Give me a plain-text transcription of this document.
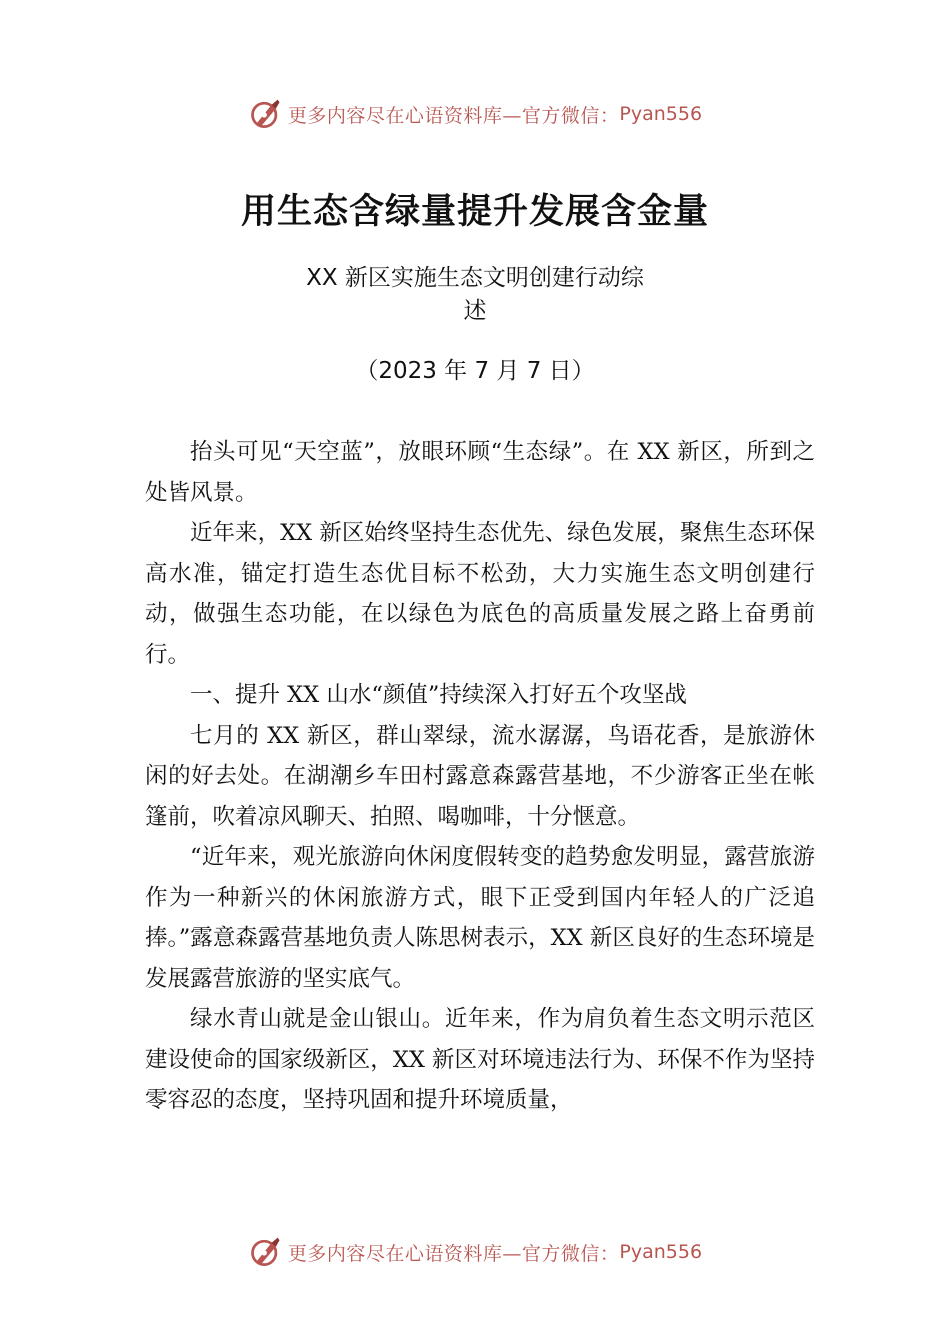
更多内容尽在心语资料库—官方微信： Pyan556
用生态含绿量提升发展含金量
XX 新区实施生态文明创建行动综
述
（2023 年 7 月 7 日）

抬头可见“天空蓝”，放眼环顾“生态绿”。在 XX 新区，所到之处皆风景。

近年来，XX 新区始终坚持生态优先、绿色发展，聚焦生态环保高水准，锚定打造生态优目标不松劲，大力实施生态文明创建行动，做强生态功能，在以绿色为底色的高质量发展之路上奋勇前行。

一、提升 XX 山水“颜值”持续深入打好五个攻坚战

七月的 XX 新区，群山翠绿，流水潺潺，鸟语花香，是旅游休闲的好去处。在湖潮乡车田村露意森露营基地，不少游客正坐在帐篷前，吹着凉风聊天、拍照、喝咖啡，十分惬意。

“近年来，观光旅游向休闲度假转变的趋势愈发明显，露营旅游作为一种新兴的休闲旅游方式，眼下正受到国内年轻人的广泛追捧。”露意森露营基地负责人陈思树表示，XX 新区良好的生态环境是发展露营旅游的坚实底气。

绿水青山就是金山银山。近年来，作为肩负着生态文明示范区建设使命的国家级新区，XX 新区对环境违法行为、环保不作为坚持零容忍的态度，坚持巩固和提升环境质量，

更多内容尽在心语资料库—官方微信： Pyan556
